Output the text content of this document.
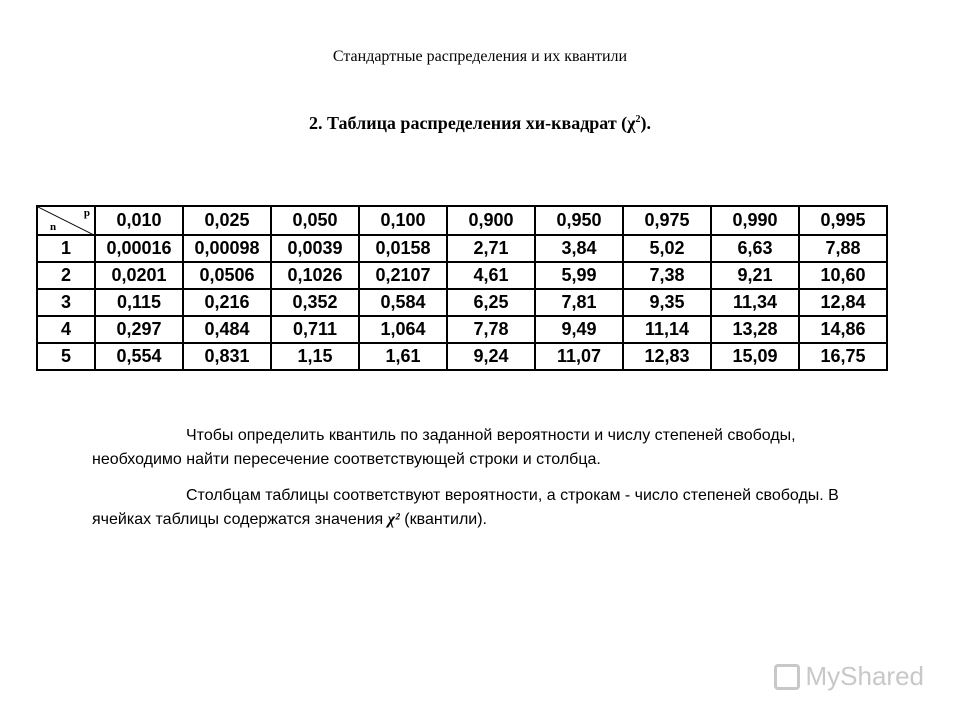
Стандартные распределения и их квантили
2. Таблица распределения хи-квадрат $(\chi^2)$.
n
p	0,010	0,025	0,050	0,100	0,900	0,950	0,975	0,990	0,995
1	0,00016	0,00098	0,0039	0,0158	2,71	3,84	5,02	6,63	7,88
2	0,0201	0,0506	0,1026	0,2107	4,61	5,99	7,38	9,21	10,60
3	0,115	0,216	0,352	0,584	6,25	7,81	9,35	11,34	12,84
4	0,297	0,484	0,711	1,064	7,78	9,49	11,14	13,28	14,86
5	0,554	0,831	1,15	1,61	9,24	11,07	12,83	15,09	16,75
Чтобы определить квантиль по заданной вероятности и числу степеней свободы, необходимо найти пересечение соответствующей строки и столбца.
Столбцам таблицы соответствуют вероятности, а строкам - число степеней свободы. В ячейках таблицы содержатся значения χ² (квантили).
MyShared
